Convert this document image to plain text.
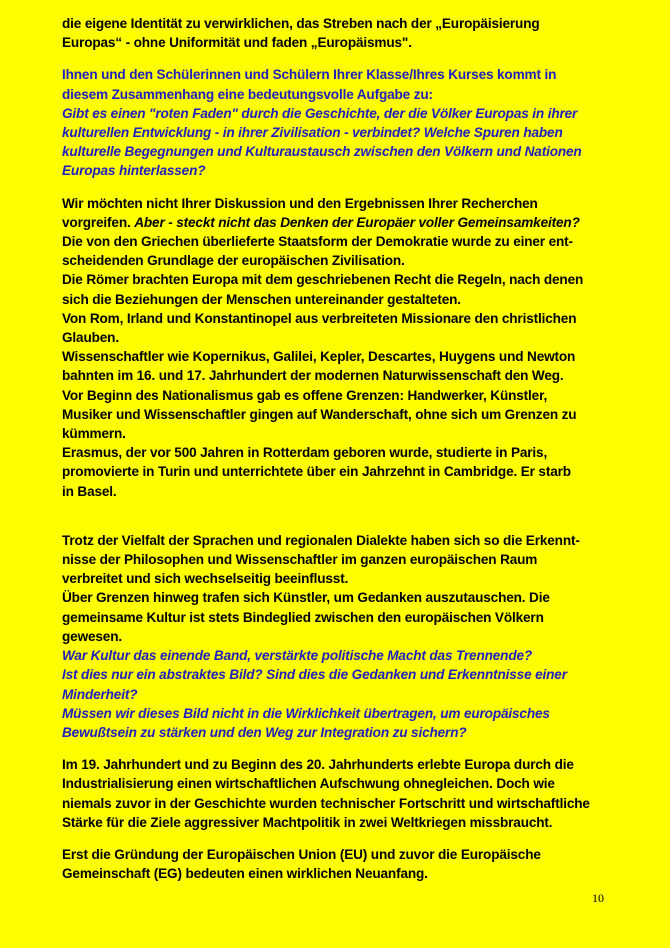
die eigene Identität zu verwirklichen, das Streben nach der „Europäisierung

Europas“ - ohne Uniformität und faden „Europäismus".

Ihnen und den Schülerinnen und Schülern Ihrer Klasse/Ihres Kurses kommt in

diesem Zusammenhang eine bedeutungsvolle Aufgabe zu:

Gibt es einen "roten Faden" durch die Geschichte, der die Völker Europas in ihrer

kulturellen Entwicklung - in ihrer Zivilisation - verbindet? Welche Spuren haben

kulturelle Begegnungen und Kulturaustausch zwischen den Völkern und Nationen

Europas hinterlassen?

Wir möchten nicht Ihrer Diskussion und den Ergebnissen Ihrer Recherchen

vorgreifen. Aber - steckt nicht das Denken der Europäer voller Gemeinsamkeiten?

Die von den Griechen überlieferte Staatsform der Demokratie wurde zu einer ent-

scheidenden Grundlage der europäischen Zivilisation.

Die Römer brachten Europa mit dem geschriebenen Recht die Regeln, nach denen

sich die Beziehungen der Menschen untereinander gestalteten.

Von Rom, Irland und Konstantinopel aus verbreiteten Missionare den christlichen

Glauben.

Wissenschaftler wie Kopernikus, Galilei, Kepler, Descartes, Huygens und Newton

bahnten im 16. und 17. Jahrhundert der modernen Naturwissenschaft den Weg.

Vor Beginn des Nationalismus gab es offene Grenzen: Handwerker, Künstler,

Musiker und Wissenschaftler gingen auf Wanderschaft, ohne sich um Grenzen zu

kümmern.

Erasmus, der vor 500 Jahren in Rotterdam geboren wurde, studierte in Paris,

promovierte in Turin und unterrichtete über ein Jahrzehnt in Cambridge. Er starb

in Basel.

Trotz der Vielfalt der Sprachen und regionalen Dialekte haben sich so die Erkennt-

nisse der Philosophen und Wissenschaftler im ganzen europäischen Raum

verbreitet und sich wechselseitig beeinflusst.

Über Grenzen hinweg trafen sich Künstler, um Gedanken auszutauschen. Die

gemeinsame Kultur ist stets Bindeglied zwischen den europäischen Völkern

gewesen.

War Kultur das einende Band, verstärkte politische Macht das Trennende?

Ist dies nur ein abstraktes Bild? Sind dies die Gedanken und Erkenntnisse einer

Minderheit?

Müssen wir dieses Bild nicht in die Wirklichkeit übertragen, um europäisches

Bewußtsein zu stärken und den Weg zur Integration zu sichern?

Im 19. Jahrhundert und zu Beginn des 20. Jahrhunderts erlebte Europa durch die

Industrialisierung einen wirtschaftlichen Aufschwung ohnegleichen. Doch wie

niemals zuvor in der Geschichte wurden technischer Fortschritt und wirtschaftliche

Stärke für die Ziele aggressiver Machtpolitik in zwei Weltkriegen missbraucht.

Erst die Gründung der Europäischen Union (EU) und zuvor die Europäische

Gemeinschaft (EG) bedeuten einen wirklichen Neuanfang.

10
